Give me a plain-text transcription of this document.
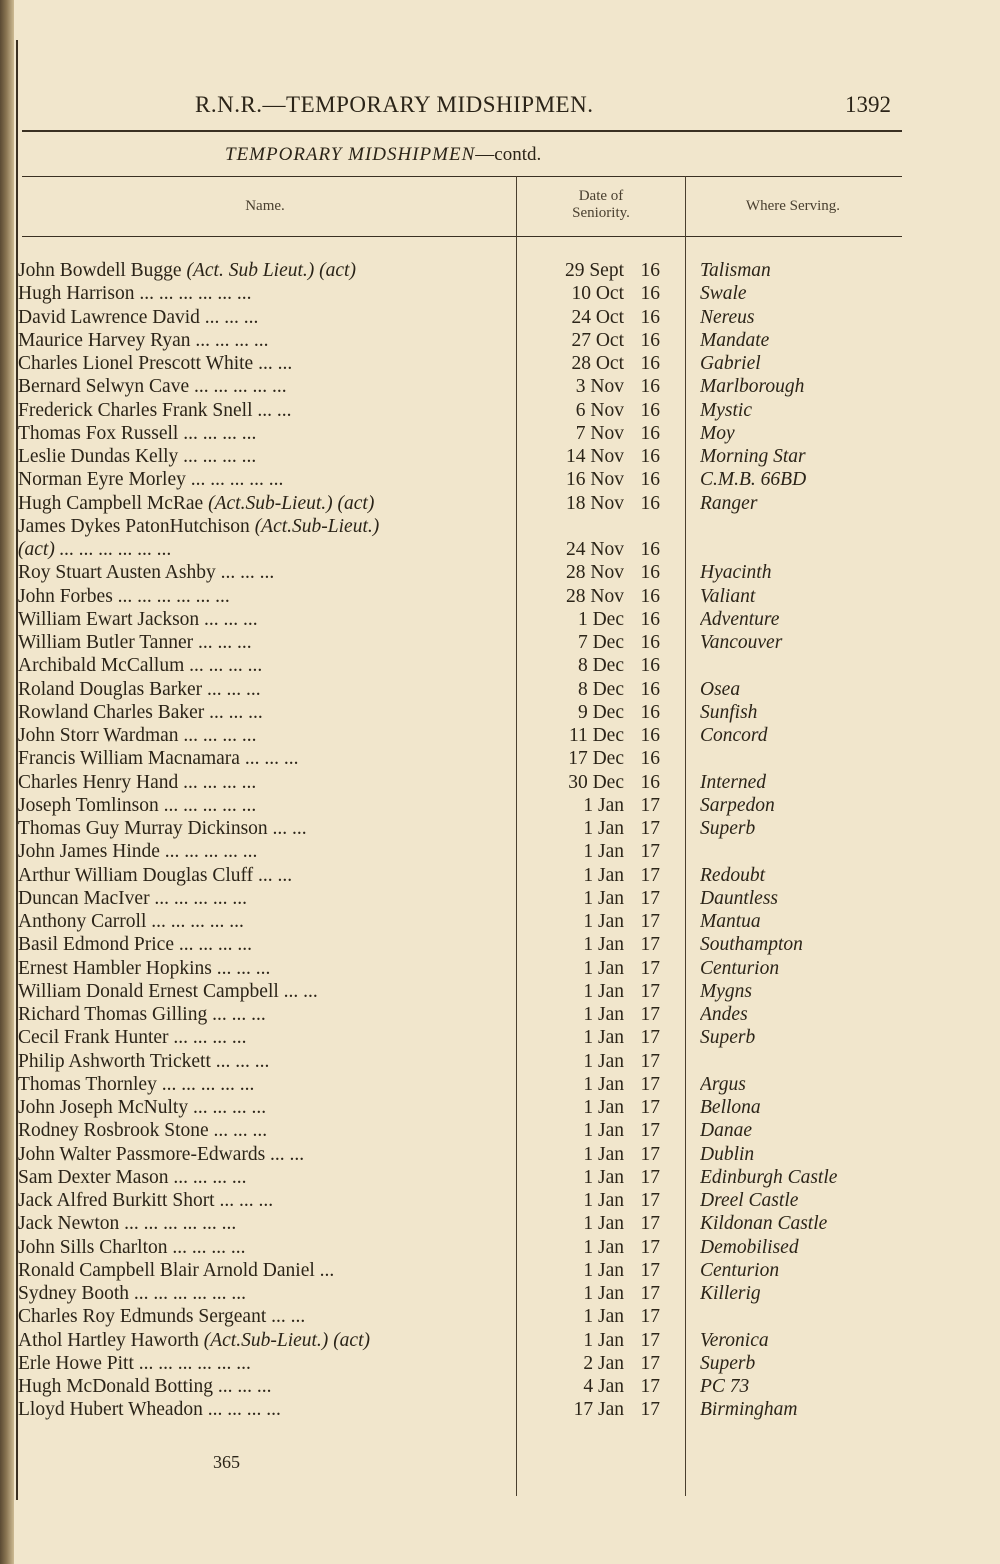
R.N.R.—TEMPORARY MIDSHIPMEN.	1392
TEMPORARY MIDSHIPMEN—contd.
Name.
Date of
Seniority.	Where Serving.
John Bowdell Bugge (Act. Sub Lieut.) (act)	29 Sept 16 Talisman
Hugh Harrison ... ... ... ... ... ...	10 Oct 16 Swale
David Lawrence David ... ... ...	24 Oct 16 Nereus
Maurice Harvey Ryan ... ... ... ...	27 Oct 16 Mandate
Charles Lionel Prescott White ... ...	28 Oct 16 Gabriel
Bernard Selwyn Cave ... ... ... ... ...	3 Nov 16 Marlborough
Frederick Charles Frank Snell ... ...	6 Nov 16 Mystic
Thomas Fox Russell ... ... ... ...	7 Nov 16 Moy
Leslie Dundas Kelly ... ... ... ...	14 Nov 16 Morning Star
Norman Eyre Morley ... ... ... ... ...	16 Nov 16 C.M.B. 66BD
Hugh Campbell McRae (Act.Sub-Lieut.) (act)	18 Nov 16 Ranger
James Dykes PatonHutchison (Act.Sub-Lieut.)
(act) ... ... ... ... ... ...	24 Nov 16
Roy Stuart Austen Ashby ... ... ...	28 Nov 16 Hyacinth
John Forbes ... ... ... ... ... ...	28 Nov 16 Valiant
William Ewart Jackson ... ... ...	1 Dec 16 Adventure
William Butler Tanner ... ... ...	7 Dec 16 Vancouver
Archibald McCallum ... ... ... ...	8 Dec 16
Roland Douglas Barker ... ... ...	8 Dec 16 Osea
Rowland Charles Baker ... ... ...	9 Dec 16 Sunfish
John Storr Wardman ... ... ... ...	11 Dec 16 Concord
Francis William Macnamara ... ... ...	17 Dec 16
Charles Henry Hand ... ... ... ...	30 Dec 16 Interned
Joseph Tomlinson ... ... ... ... ...	1 Jan 17 Sarpedon
Thomas Guy Murray Dickinson ... ...	1 Jan 17 Superb
John James Hinde ... ... ... ... ...	1 Jan 17
Arthur William Douglas Cluff ... ...	1 Jan 17 Redoubt
Duncan MacIver ... ... ... ... ...	1 Jan 17 Dauntless
Anthony Carroll ... ... ... ... ...	1 Jan 17 Mantua
Basil Edmond Price ... ... ... ...	1 Jan 17 Southampton
Ernest Hambler Hopkins ... ... ...	1 Jan 17 Centurion
William Donald Ernest Campbell ... ...	1 Jan 17 Mygns
Richard Thomas Gilling ... ... ...	1 Jan 17 Andes
Cecil Frank Hunter ... ... ... ...	1 Jan 17 Superb
Philip Ashworth Trickett ... ... ...	1 Jan 17
Thomas Thornley ... ... ... ... ...	1 Jan 17 Argus
John Joseph McNulty ... ... ... ...	1 Jan 17 Bellona
Rodney Rosbrook Stone ... ... ...	1 Jan 17 Danae
John Walter Passmore-Edwards ... ...	1 Jan 17 Dublin
Sam Dexter Mason ... ... ... ...	1 Jan 17 Edinburgh Castle
Jack Alfred Burkitt Short ... ... ...	1 Jan 17 Dreel Castle
Jack Newton ... ... ... ... ... ...	1 Jan 17 Kildonan Castle
John Sills Charlton ... ... ... ...	1 Jan 17 Demobilised
Ronald Campbell Blair Arnold Daniel ...	1 Jan 17 Centurion
Sydney Booth ... ... ... ... ... ...	1 Jan 17 Killerig
Charles Roy Edmunds Sergeant ... ...	1 Jan 17
Athol Hartley Haworth (Act.Sub-Lieut.) (act)	1 Jan 17 Veronica
Erle Howe Pitt ... ... ... ... ... ...	2 Jan 17 Superb
Hugh McDonald Botting ... ... ...	4 Jan 17 PC 73
Lloyd Hubert Wheadon ... ... ... ...	17 Jan 17 Birmingham
365
